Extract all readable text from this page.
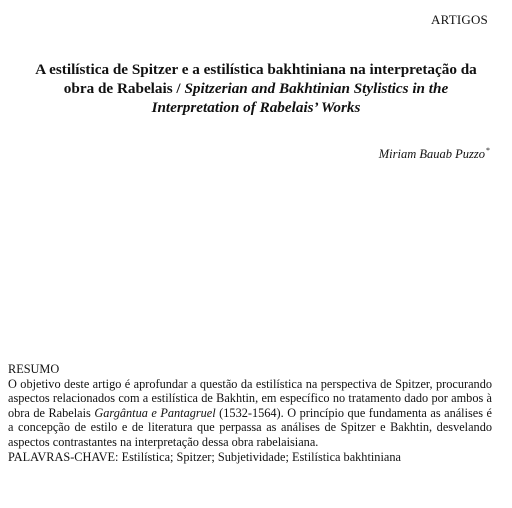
ARTIGOS
A estilística de Spitzer e a estilística bakhtiniana na interpretação da obra de Rabelais / Spitzerian and Bakhtinian Stylistics in the Interpretation of Rabelais’ Works
Miriam Bauab Puzzo*
RESUMO

O objetivo deste artigo é aprofundar a questão da estilística na perspectiva de Spitzer, procurando aspectos relacionados com a estilística de Bakhtin, em específico no tratamento dado por ambos à obra de Rabelais Gargântua e Pantagruel (1532-1564). O princípio que fundamenta as análises é a concepção de estilo e de literatura que perpassa as análises de Spitzer e Bakhtin, desvelando aspectos contrastantes na interpretação dessa obra rabelaisiana.

PALAVRAS-CHAVE: Estilística; Spitzer; Subjetividade; Estilística bakhtiniana
